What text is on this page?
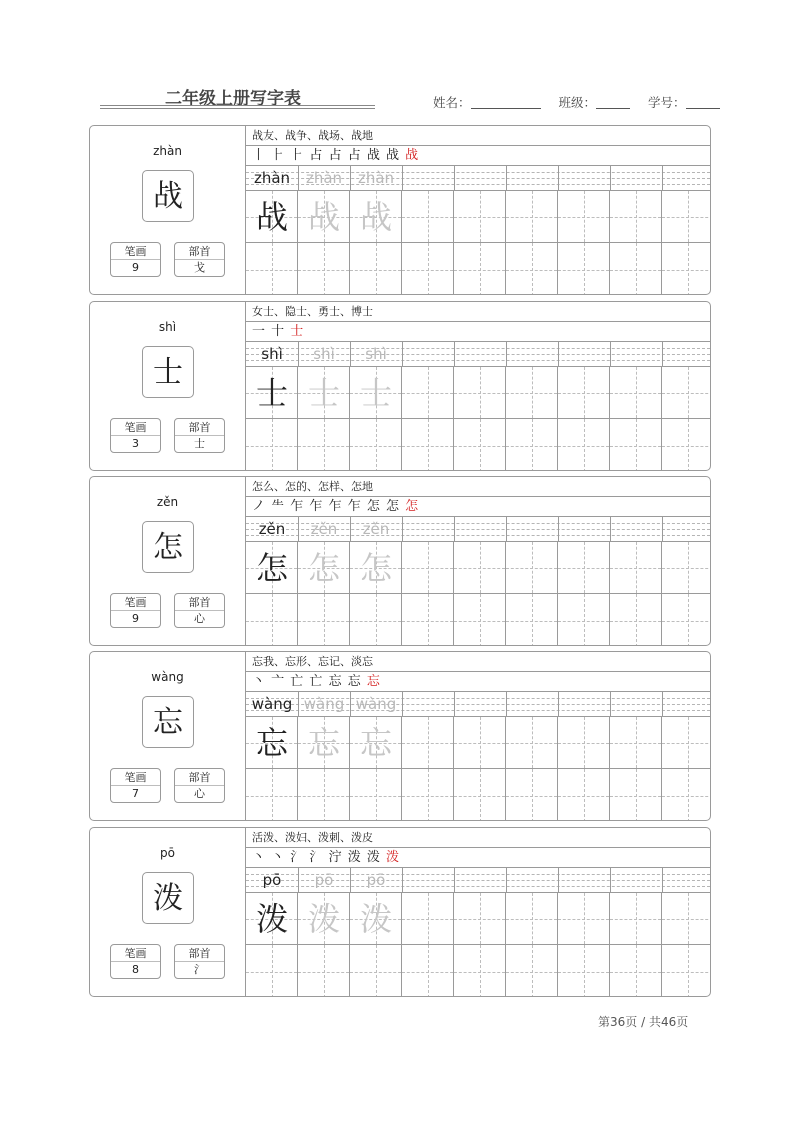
二年级上册写字表	姓名：	班级：	学号：
zhàn
战
笔画
9
部首
戈
战友、战争、战场、战地
丨 ⺊ ⺊ 占 占 占 战 战 战
zhàn	zhàn	zhàn
战 战 战
shì
士
笔画
3
部首
士
女士、隐士、勇士、博士
一 十 士
shì	shì	shì
士 士 士
zěn
怎
笔画
9
部首
心
怎么、怎的、怎样、怎地
ノ ⺧ 乍 乍 乍 乍 怎 怎 怎
zěn	zěn	zěn
怎 怎 怎
wàng
忘
笔画
7
部首
心
忘我、忘形、忘记、淡忘
丶 亠 亡 亡 忘 忘 忘
wàng wàng wàng
忘 忘 忘
pō
泼
笔画
8
部首
氵
活泼、泼妇、泼刺、泼皮
丶 丶 氵 氵 泞 泼 泼 泼
pō	pō	pō
泼 泼 泼
第36页 / 共46页
